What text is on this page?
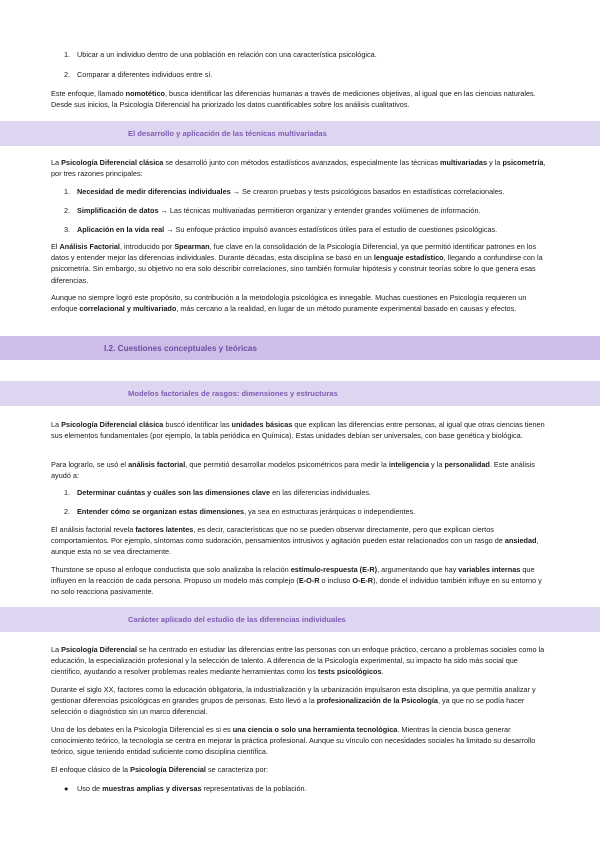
1. Ubicar a un individuo dentro de una población en relación con una característica psicológica.
2. Comparar a diferentes individuos entre sí.

Este enfoque, llamado nomotético, busca identificar las diferencias humanas a través de mediciones objetivas, al igual que en las ciencias naturales. Desde sus inicios, la Psicología Diferencial ha priorizado los datos cuantificables sobre los análisis cualitativos.

El desarrollo y aplicación de las técnicas multivariadas

La Psicología Diferencial clásica se desarrolló junto con métodos estadísticos avanzados, especialmente las técnicas multivariadas y la psicometría, por tres razones principales:

1. Necesidad de medir diferencias individuales → Se crearon pruebas y tests psicológicos basados en estadísticas correlacionales.
2. Simplificación de datos → Las técnicas multivariadas permitieron organizar y entender grandes volúmenes de información.
3. Aplicación en la vida real → Su enfoque práctico impulsó avances estadísticos útiles para el estudio de cuestiones psicológicas.

El Análisis Factorial, introducido por Spearman, fue clave en la consolidación de la Psicología Diferencial, ya que permitió identificar patrones en los datos y entender mejor las diferencias individuales. Durante décadas, esta disciplina se basó en un lenguaje estadístico, llegando a confundirse con la psicometría. Sin embargo, su objetivo no era solo describir correlaciones, sino también formular hipótesis y construir teorías sobre lo que genera esas diferencias.

Aunque no siempre logró este propósito, su contribución a la metodología psicológica es innegable. Muchas cuestiones en Psicología requieren un enfoque correlacional y multivariado, más cercano a la realidad, en lugar de un método puramente experimental basado en causas y efectos.

I.2. Cuestiones conceptuales y teóricas
Modelos factoriales de rasgos: dimensiones y estructuras

La Psicología Diferencial clásica buscó identificar las unidades básicas que explican las diferencias entre personas, al igual que otras ciencias tienen sus elementos fundamentales (por ejemplo, la tabla periódica en Química). Estas unidades debían ser universales, con base genética y biológica.

Para lograrlo, se usó el análisis factorial, que permitió desarrollar modelos psicométricos para medir la inteligencia y la personalidad. Este análisis ayudó a:

1. Determinar cuántas y cuáles son las dimensiones clave en las diferencias individuales.
2. Entender cómo se organizan estas dimensiones, ya sea en estructuras jerárquicas o independientes.

El análisis factorial revela factores latentes, es decir, características que no se pueden observar directamente, pero que explican ciertos comportamientos. Por ejemplo, síntomas como sudoración, pensamientos intrusivos y agitación pueden estar relacionados con un rasgo de ansiedad, aunque esta no se vea directamente.

Thurstone se opuso al enfoque conductista que solo analizaba la relación estímulo-respuesta (E-R), argumentando que hay variables internas que influyen en la reacción de cada persona. Propuso un modelo más complejo (E-O-R o incluso O-E-R), donde el individuo también influye en su entorno y no solo reacciona pasivamente.

Carácter aplicado del estudio de las diferencias individuales

La Psicología Diferencial se ha centrado en estudiar las diferencias entre las personas con un enfoque práctico, cercano a problemas sociales como la educación, la especialización profesional y la selección de talento. A diferencia de la Psicología experimental, su impacto ha sido más social que científico, ayudando a resolver problemas reales mediante herramientas como los tests psicológicos.

Durante el siglo XX, factores como la educación obligatoria, la industrialización y la urbanización impulsaron esta disciplina, ya que permitía analizar y gestionar diferencias psicológicas en grandes grupos de personas. Esto llevó a la profesionalización de la Psicología, ya que no se podía hacer selección o diagnóstico sin un marco diferencial.

Uno de los debates en la Psicología Diferencial es si es una ciencia o solo una herramienta tecnológica. Mientras la ciencia busca generar conocimiento teórico, la tecnología se centra en mejorar la práctica profesional. Aunque su vínculo con necesidades sociales ha limitado su desarrollo teórico, sigue teniendo entidad suficiente como disciplina científica.

El enfoque clásico de la Psicología Diferencial se caracteriza por:

● Uso de muestras amplias y diversas representativas de la población.
